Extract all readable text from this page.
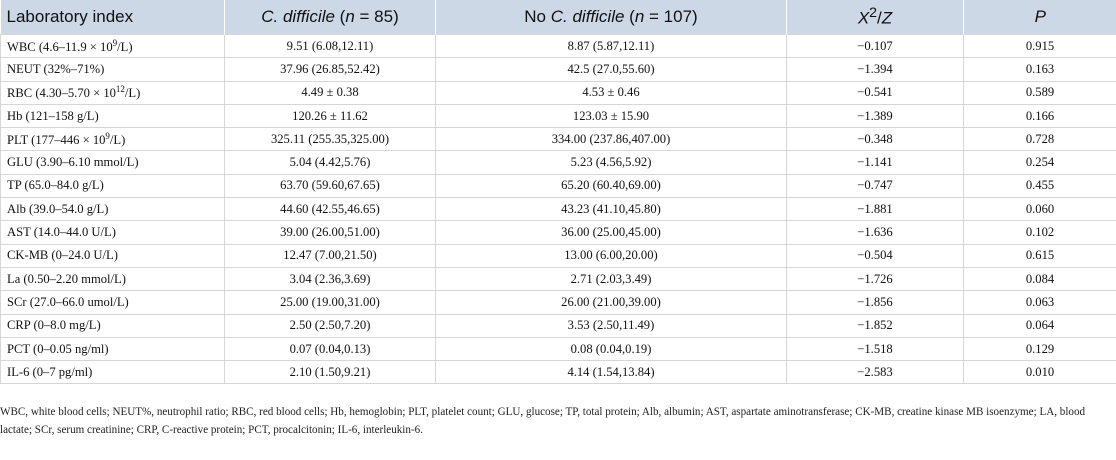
Laboratory index	C. difficile (n = 85)	No C. difficile (n = 107)	$X^2/Z$	P
WBC $(4.6-11.9 \times 10^9/L)$	9.51 (6.08,12.11)	8.87 (5.87,12.11)	−0.107	0.915
NEUT (32%–71%)	37.96 (26.85,52.42)	42.5 (27.0,55.60)	−1.394	0.163
RBC $(4.30-5.70 \times 10^{12}/L)$	4.49 ± 0.38	4.53 ± 0.46	−0.541	0.589
Hb (121–158 g/L)	120.26 ± 11.62	123.03 ± 15.90	−1.389	0.166
PLT $(177-446 \times 10^9/L)$	325.11 (255.35,325.00)	334.00 (237.86,407.00)	−0.348	0.728
GLU (3.90–6.10 mmol/L)	5.04 (4.42,5.76)	5.23 (4.56,5.92)	−1.141	0.254
TP (65.0–84.0 g/L)	63.70 (59.60,67.65)	65.20 (60.40,69.00)	−0.747	0.455
Alb (39.0–54.0 g/L)	44.60 (42.55,46.65)	43.23 (41.10,45.80)	−1.881	0.060
AST (14.0–44.0 U/L)	39.00 (26.00,51.00)	36.00 (25.00,45.00)	−1.636	0.102
CK-MB (0–24.0 U/L)	12.47 (7.00,21.50)	13.00 (6.00,20.00)	−0.504	0.615
La (0.50–2.20 mmol/L)	3.04 (2.36,3.69)	2.71 (2.03,3.49)	−1.726	0.084
SCr (27.0–66.0 umol/L)	25.00 (19.00,31.00)	26.00 (21.00,39.00)	−1.856	0.063
CRP (0–8.0 mg/L)	2.50 (2.50,7.20)	3.53 (2.50,11.49)	−1.852	0.064
PCT (0–0.05 ng/ml)	0.07 (0.04,0.13)	0.08 (0.04,0.19)	−1.518	0.129
IL-6 (0–7 pg/ml)	2.10 (1.50,9.21)	4.14 (1.54,13.84)	−2.583	0.010
WBC, white blood cells; NEUT%, neutrophil ratio; RBC, red blood cells; Hb, hemoglobin; PLT, platelet count; GLU, glucose; TP, total protein; Alb, albumin; AST, aspartate aminotransferase; CK-MB, creatine kinase MB isoenzyme; LA, blood lactate; SCr, serum creatinine; CRP, C-reactive protein; PCT, procalcitonin; IL-6, interleukin-6.
